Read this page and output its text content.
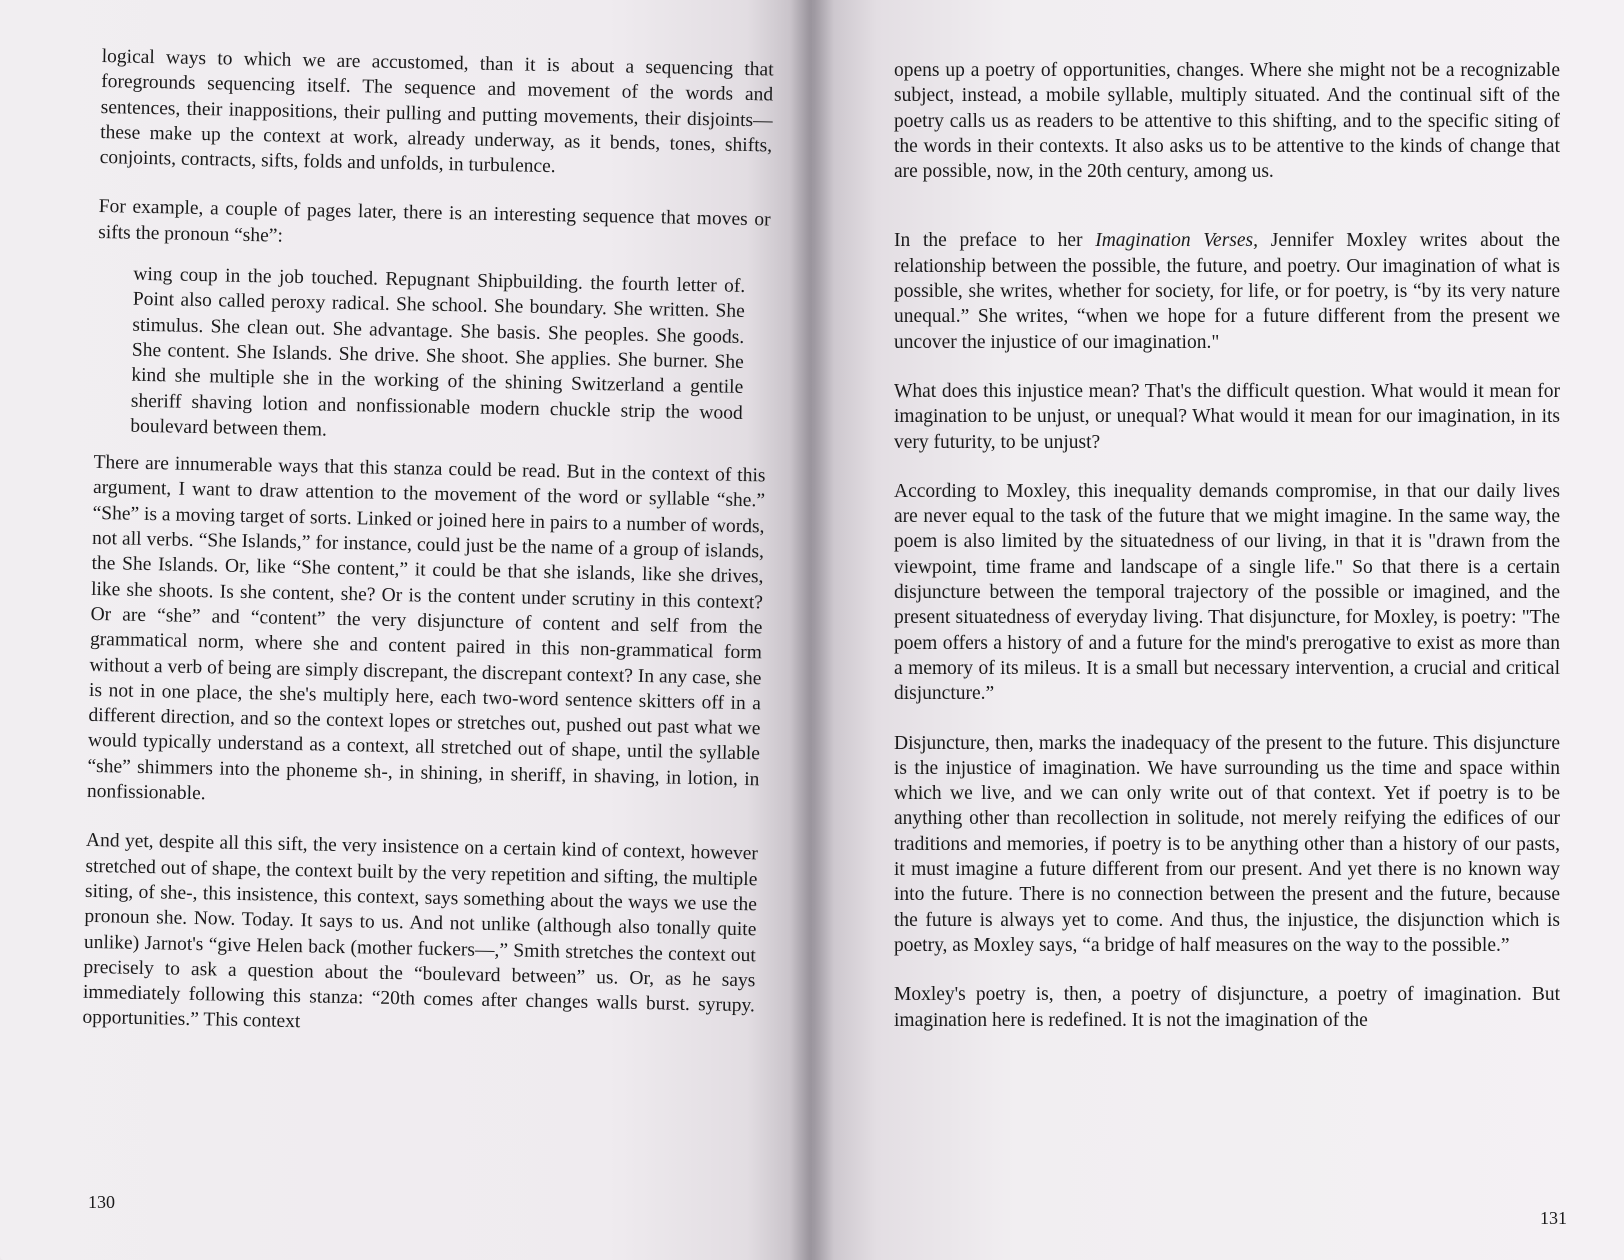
logical ways to which we are accustomed, than it is about a sequencing that foregrounds sequencing itself. The sequence and movement of the words and sentences, their inappositions, their pulling and putting movements, their disjoints—these make up the context at work, already underway, as it bends, tones, shifts, conjoints, contracts, sifts, folds and unfolds, in turbulence.

For example, a couple of pages later, there is an interesting sequence that moves or sifts the pronoun “she”:

wing coup in the job touched. Repugnant Shipbuilding. the fourth letter of. Point also called peroxy radical. She school. She boundary. She written. She stimulus. She clean out. She advantage. She basis. She peoples. She goods. She content. She Islands. She drive. She shoot. She applies. She burner. She kind she multiple she in the working of the shining Switzerland a gentile sheriff shaving lotion and nonfissionable modern chuckle strip the wood boulevard between them.

There are innumerable ways that this stanza could be read. But in the context of this argument, I want to draw attention to the movement of the word or syllable “she.” “She” is a moving target of sorts. Linked or joined here in pairs to a number of words, not all verbs. “She Islands,” for instance, could just be the name of a group of islands, the She Islands. Or, like “She content,” it could be that she islands, like she drives, like she shoots. Is she content, she? Or is the content under scrutiny in this context? Or are “she” and “content” the very disjuncture of content and self from the grammatical norm, where she and content paired in this non-grammatical form without a verb of being are simply discrepant, the discrepant context? In any case, she is not in one place, the she's multiply here, each two-word sentence skitters off in a different direction, and so the context lopes or stretches out, pushed out past what we would typically understand as a context, all stretched out of shape, until the syllable “she” shimmers into the phoneme sh-, in shining, in sheriff, in shaving, in lotion, in nonfissionable.

And yet, despite all this sift, the very insistence on a certain kind of context, however stretched out of shape, the context built by the very repetition and sifting, the multiple siting, of she-, this insistence, this context, says something about the ways we use the pronoun she. Now. Today. It says to us. And not unlike (although also tonally quite unlike) Jarnot's “give Helen back (mother fuckers—,” Smith stretches the context out precisely to ask a question about the “boulevard between” us. Or, as he says immediately following this stanza: “20th comes after changes walls burst. syrupy. opportunities.” This context

130

opens up a poetry of opportunities, changes. Where she might not be a recognizable subject, instead, a mobile syllable, multiply situated. And the continual sift of the poetry calls us as readers to be attentive to this shifting, and to the specific siting of the words in their contexts. It also asks us to be attentive to the kinds of change that are possible, now, in the 20th century, among us.

In the preface to her Imagination Verses, Jennifer Moxley writes about the relationship between the possible, the future, and poetry. Our imagination of what is possible, she writes, whether for society, for life, or for poetry, is “by its very nature unequal.” She writes, “when we hope for a future different from the present we uncover the injustice of our imagination."

What does this injustice mean? That's the difficult question. What would it mean for imagination to be unjust, or unequal? What would it mean for our imagination, in its very futurity, to be unjust?

According to Moxley, this inequality demands compromise, in that our daily lives are never equal to the task of the future that we might imagine. In the same way, the poem is also limited by the situatedness of our living, in that it is "drawn from the viewpoint, time frame and landscape of a single life." So that there is a certain disjuncture between the temporal trajectory of the possible or imagined, and the present situatedness of everyday living. That disjuncture, for Moxley, is poetry: "The poem offers a history of and a future for the mind's prerogative to exist as more than a memory of its mileus. It is a small but necessary intervention, a crucial and critical disjuncture.”

Disjuncture, then, marks the inadequacy of the present to the future. This disjuncture is the injustice of imagination. We have surrounding us the time and space within which we live, and we can only write out of that context. Yet if poetry is to be anything other than recollection in solitude, not merely reifying the edifices of our traditions and memories, if poetry is to be anything other than a history of our pasts, it must imagine a future different from our present. And yet there is no known way into the future. There is no connection between the present and the future, because the future is always yet to come. And thus, the injustice, the disjunction which is poetry, as Moxley says, “a bridge of half measures on the way to the possible.”

Moxley's poetry is, then, a poetry of disjuncture, a poetry of imagination. But imagination here is redefined. It is not the imagination of the

131
